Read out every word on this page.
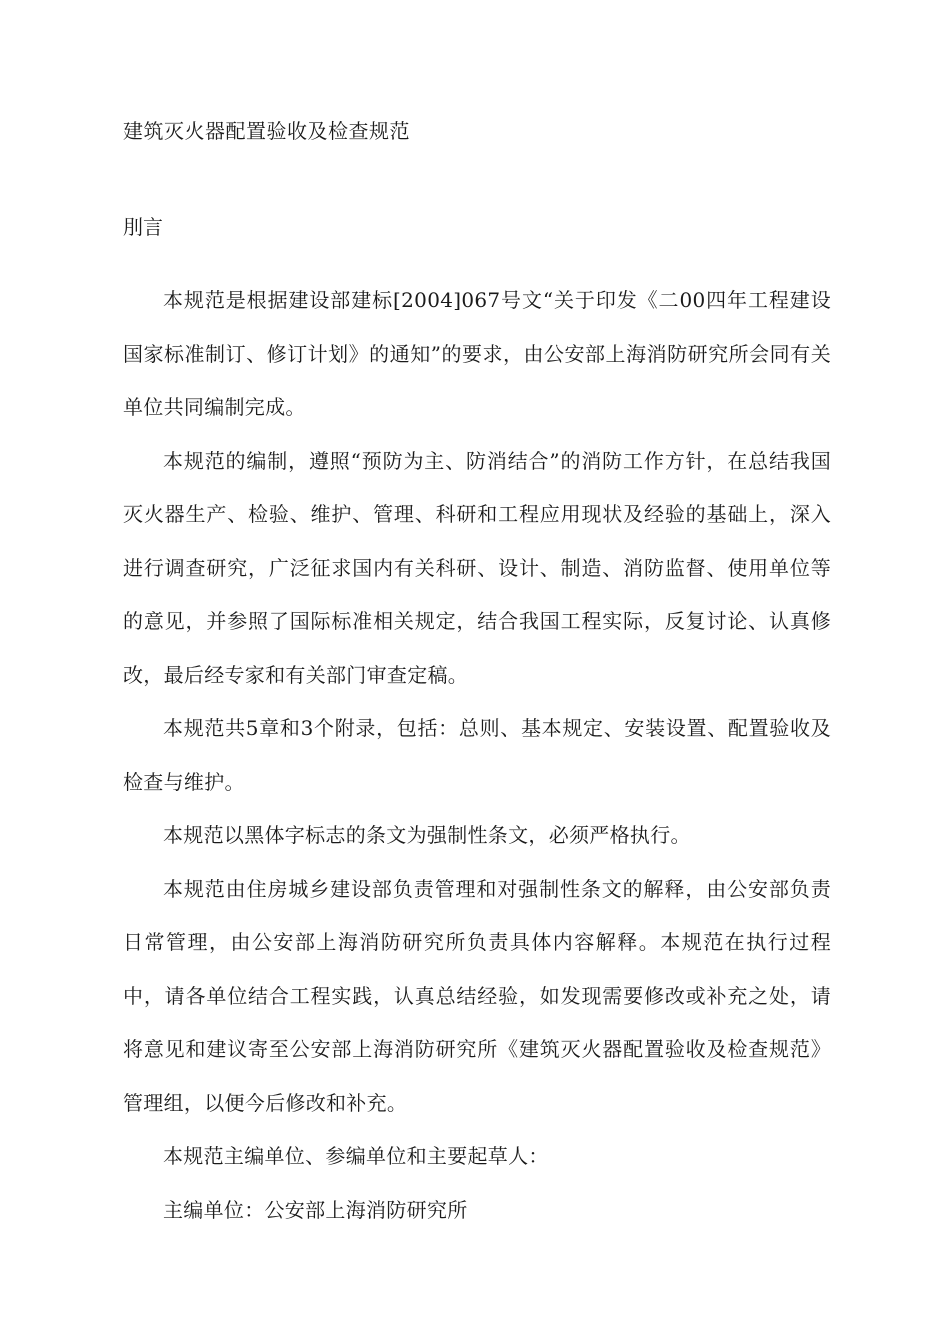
建筑灭火器配置验收及检查规范
刖言

本规范是根据建设部建标[2004]067号文“关于印发《二00四年工程建设国家标准制订、修订计划》的通知”的要求，由公安部上海消防研究所会同有关单位共同编制完成。

本规范的编制，遵照“预防为主、防消结合”的消防工作方针，在总结我国灭火器生产、检验、维护、管理、科研和工程应用现状及经验的基础上，深入进行调查研究，广泛征求国内有关科研、设计、制造、消防监督、使用单位等的意见，并参照了国际标准相关规定，结合我国工程实际，反复讨论、认真修改，最后经专家和有关部门审查定稿。

本规范共5章和3个附录，包括：总则、基本规定、安装设置、配置验收及检查与维护。

本规范以黑体字标志的条文为强制性条文，必须严格执行。

本规范由住房城乡建设部负责管理和对强制性条文的解释，由公安部负责日常管理，由公安部上海消防研究所负责具体内容解释。本规范在执行过程中，请各单位结合工程实践，认真总结经验，如发现需要修改或补充之处，请将意见和建议寄至公安部上海消防研究所《建筑灭火器配置验收及检查规范》管理组，以便今后修改和补充。

本规范主编单位、参编单位和主要起草人：

主编单位：公安部上海消防研究所
